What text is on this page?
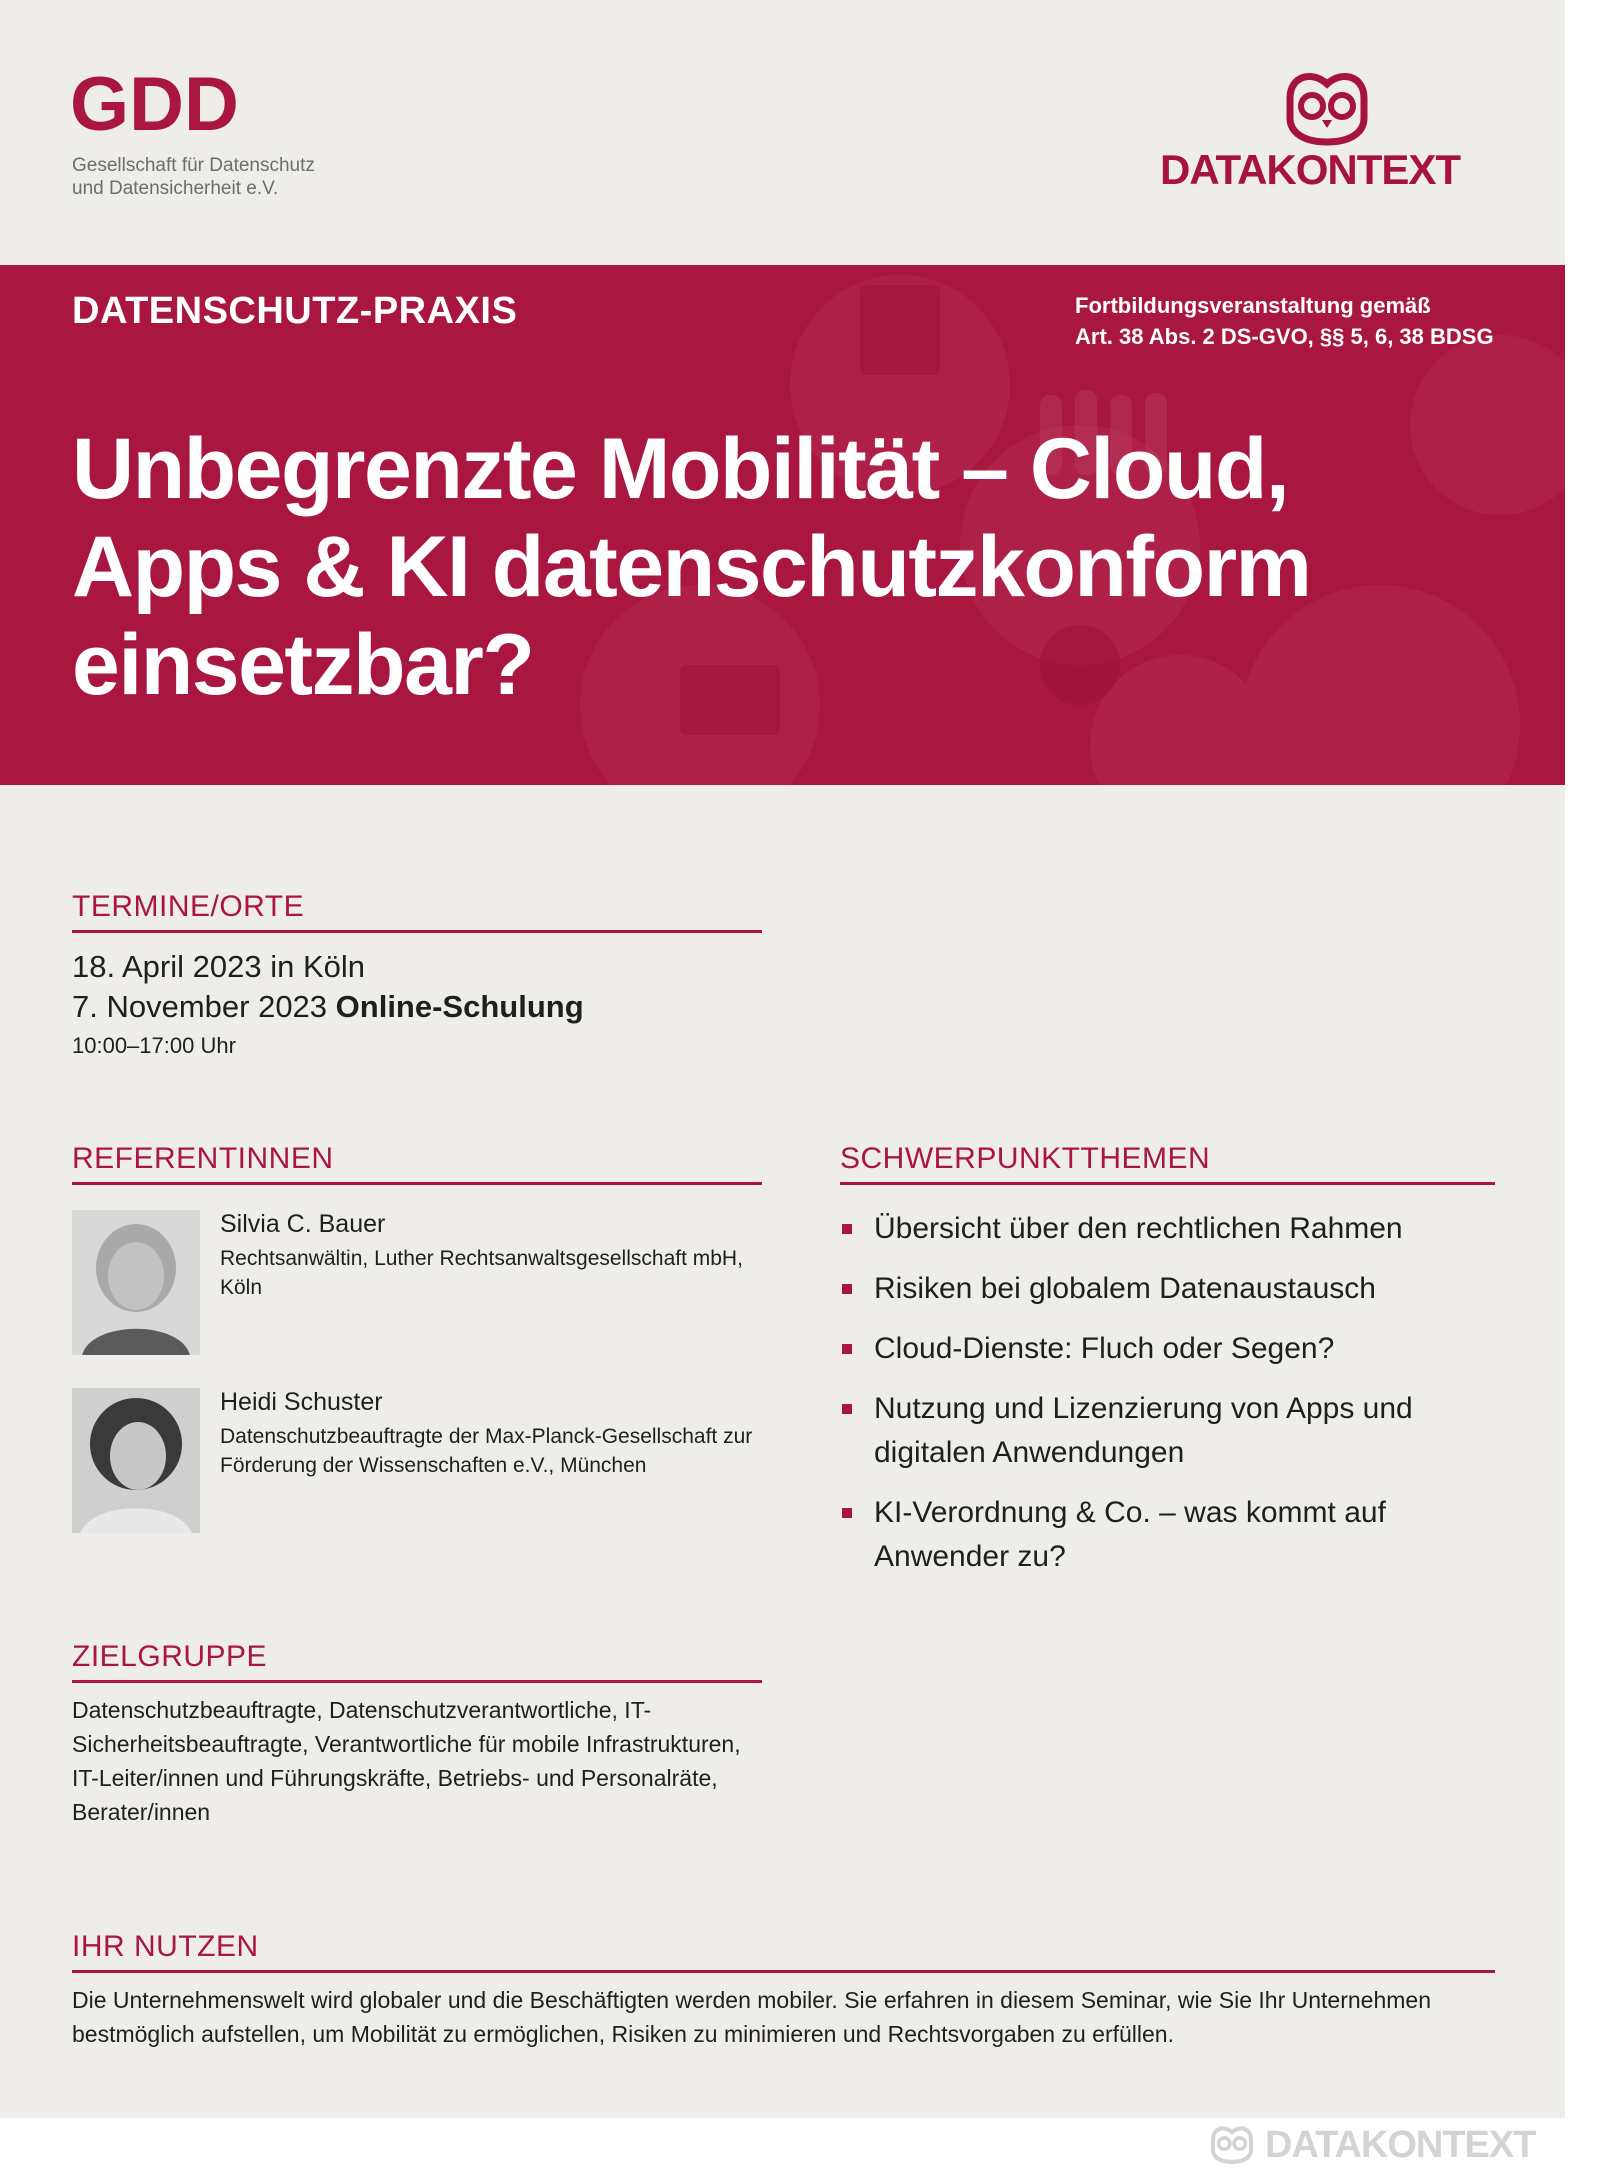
GDD
Gesellschaft für Datenschutz
und Datensicherheit e.V.	DATAKONTEXT
DATENSCHUTZ-PRAXIS	Fortbildungsveranstaltung gemäß
Art. 38 Abs. 2 DS-GVO, §§ 5, 6, 38 BDSG
Unbegrenzte Mobilität – Cloud,
Apps & KI datenschutzkonform
einsetzbar?
TERMINE/ORTE
18. April 2023 in Köln
7. November 2023 Online-Schulung
10:00–17:00 Uhr
REFERENTINNEN
Silvia C. Bauer
Rechtsanwältin, Luther Rechtsanwaltsgesellschaft mbH, Köln
Heidi Schuster
Datenschutzbeauftragte der Max-Planck-Gesellschaft zur Förderung der Wissenschaften e.V., München
SCHWERPUNKTTHEMEN
Übersicht über den rechtlichen Rahmen
Risiken bei globalem Datenaustausch
Cloud-Dienste: Fluch oder Segen?
Nutzung und Lizenzierung von Apps und digitalen Anwendungen
KI-Verordnung & Co. – was kommt auf Anwender zu?
ZIELGRUPPE
Datenschutzbeauftragte, Datenschutzverantwortliche, IT-Sicherheitsbeauftragte, Verantwortliche für mobile Infrastrukturen, IT-Leiter/innen und Führungskräfte, Betriebs- und Personalräte, Berater/innen
IHR NUTZEN
Die Unternehmenswelt wird globaler und die Beschäftigten werden mobiler. Sie erfahren in diesem Seminar, wie Sie Ihr Unternehmen bestmöglich aufstellen, um Mobilität zu ermöglichen, Risiken zu minimieren und Rechtsvorgaben zu erfüllen.
DATAKONTEXT
